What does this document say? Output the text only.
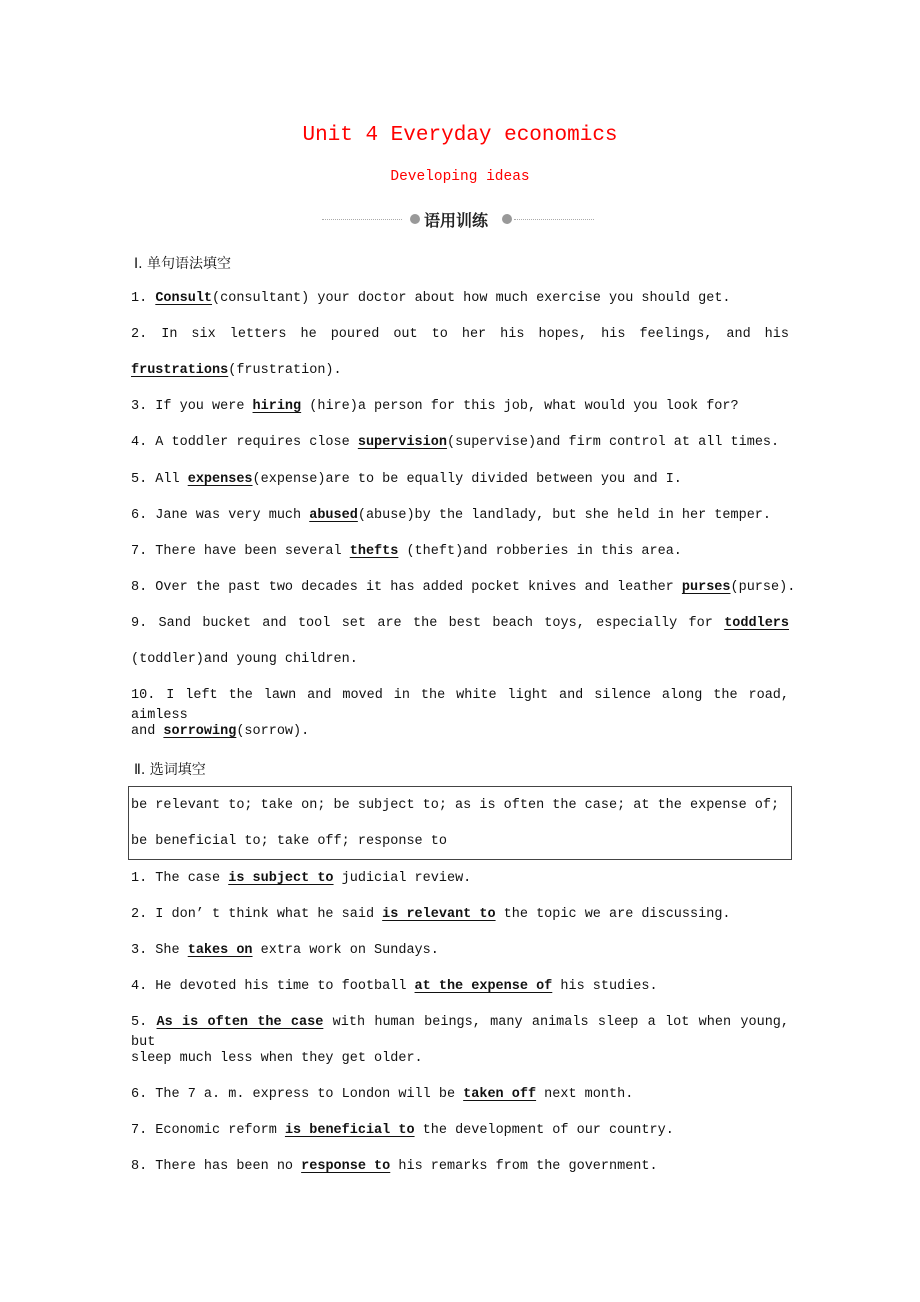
Unit 4 Everyday economics
Developing ideas
语用训练
Ⅰ. 单句语法填空
1. Consult(consultant) your doctor about how much exercise you should get.
2. In six letters he poured out to her his hopes, his feelings, and his
frustrations(frustration).
3. If you were hiring (hire)a person for this job, what would you look for?
4. A toddler requires close supervision(supervise)and firm control at all times.
5. All expenses(expense)are to be equally divided between you and I.
6. Jane was very much abused(abuse)by the landlady, but she held in her temper.
7. There have been several thefts (theft)and robberies in this area.
8. Over the past two decades it has added pocket knives and leather purses(purse).
9. Sand bucket and tool set are the best beach toys, especially for toddlers
(toddler)and young children.
10. I left the lawn and moved in the white light and silence along the road, aimless
and sorrowing(sorrow).
Ⅱ. 选词填空
be relevant to; take on; be subject to; as is often the case; at the expense of;
be beneficial to; take off; response to
1. The case is subject to judicial review.
2. I don’ t think what he said is relevant to the topic we are discussing.
3. She takes on extra work on Sundays.
4. He devoted his time to football at the expense of his studies.
5. As is often the case with human beings, many animals sleep a lot when young, but
sleep much less when they get older.
6. The 7 a. m. express to London will be taken off next month.
7. Economic reform is beneficial to the development of our country.
8. There has been no response to his remarks from the government.
